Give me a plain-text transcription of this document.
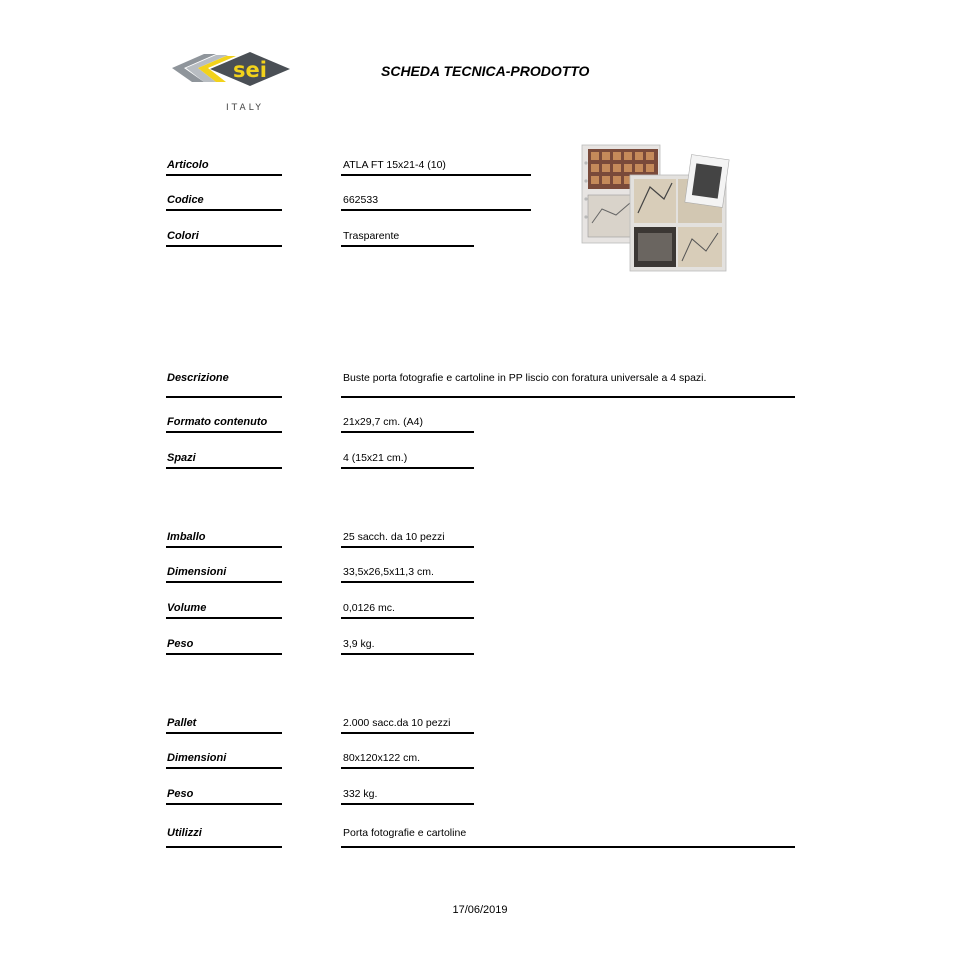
sei
ITALY
SCHEDA TECNICA-PRODOTTO
Articolo	ATLA FT 15x21-4 (10)
Codice	662533
Colori	Trasparente
Descrizione	Buste porta fotografie e cartoline in PP liscio con foratura universale a 4 spazi.
Formato contenuto	21x29,7 cm. (A4)
Spazi	4 (15x21 cm.)
Imballo	25 sacch. da 10 pezzi
Dimensioni	33,5x26,5x11,3 cm.
Volume	0,0126 mc.
Peso	3,9 kg.
Pallet	2.000 sacc.da 10 pezzi
Dimensioni	80x120x122 cm.
Peso	332 kg.
Utilizzi	Porta fotografie e cartoline
17/06/2019
